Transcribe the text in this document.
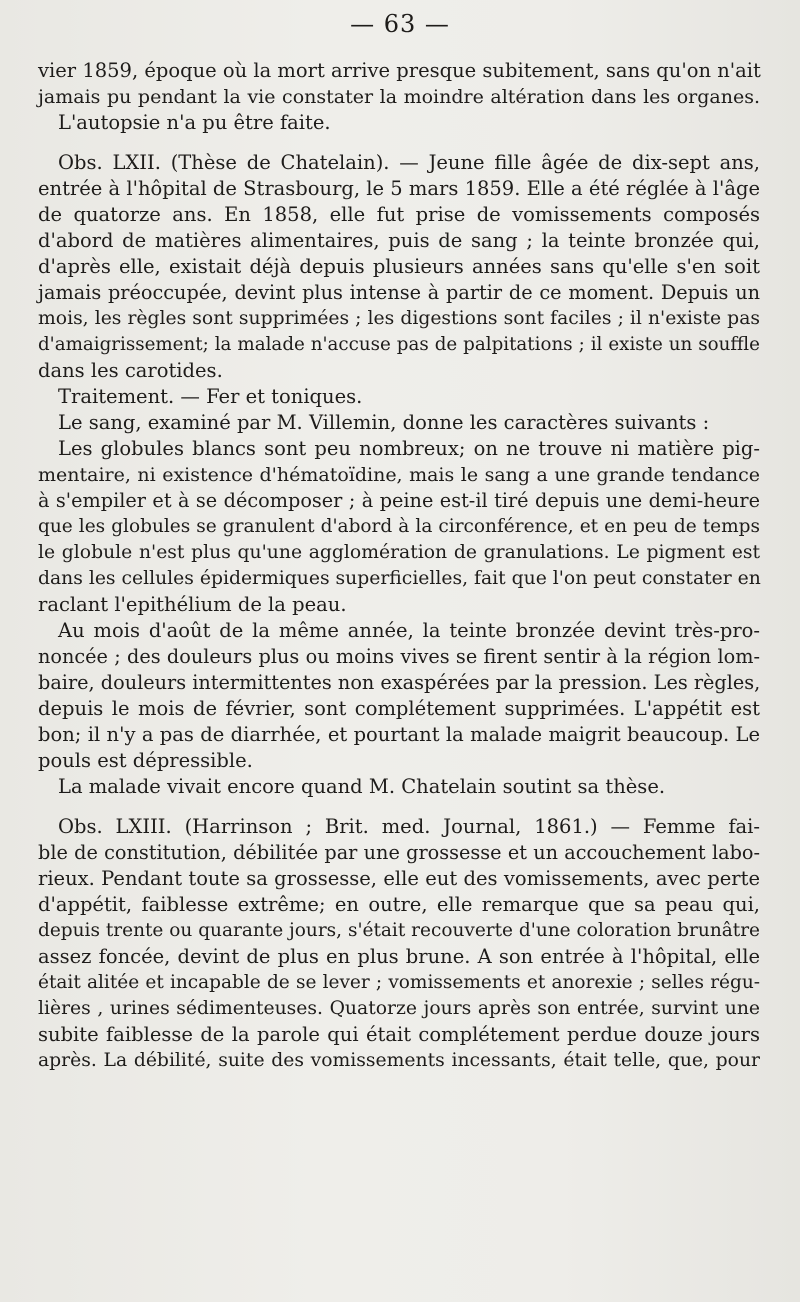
— 63 —
vier 1859, époque où la mort arrive presque subitement, sans qu'on n'ait
jamais pu pendant la vie constater la moindre altération dans les organes.
L'autopsie n'a pu être faite.
Obs. LXII. (Thèse de Chatelain). — Jeune fille âgée de dix-sept ans,
entrée à l'hôpital de Strasbourg, le 5 mars 1859. Elle a été réglée à l'âge
de quatorze ans. En 1858, elle fut prise de vomissements composés
d'abord de matières alimentaires, puis de sang ; la teinte bronzée qui,
d'après elle, existait déjà depuis plusieurs années sans qu'elle s'en soit
jamais préoccupée, devint plus intense à partir de ce moment. Depuis un
mois, les règles sont supprimées ; les digestions sont faciles ; il n'existe pas
d'amaigrissement; la malade n'accuse pas de palpitations ; il existe un souffle
dans les carotides.
Traitement. — Fer et toniques.
Le sang, examiné par M. Villemin, donne les caractères suivants :
Les globules blancs sont peu nombreux; on ne trouve ni matière pig-
mentaire, ni existence d'hématoïdine, mais le sang a une grande tendance
à s'empiler et à se décomposer ; à peine est-il tiré depuis une demi-heure
que les globules se granulent d'abord à la circonférence, et en peu de temps
le globule n'est plus qu'une agglomération de granulations. Le pigment est
dans les cellules épidermiques superficielles, fait que l'on peut constater en
raclant l'epithélium de la peau.
Au mois d'août de la même année, la teinte bronzée devint très-pro-
noncée ; des douleurs plus ou moins vives se firent sentir à la région lom-
baire, douleurs intermittentes non exaspérées par la pression. Les règles,
depuis le mois de février, sont complétement supprimées. L'appétit est
bon; il n'y a pas de diarrhée, et pourtant la malade maigrit beaucoup. Le
pouls est dépressible.
La malade vivait encore quand M. Chatelain soutint sa thèse.
Obs. LXIII. (Harrinson ; Brit. med. Journal, 1861.) — Femme fai-
ble de constitution, débilitée par une grossesse et un accouchement labo-
rieux. Pendant toute sa grossesse, elle eut des vomissements, avec perte
d'appétit, faiblesse extrême; en outre, elle remarque que sa peau qui,
depuis trente ou quarante jours, s'était recouverte d'une coloration brunâtre
assez foncée, devint de plus en plus brune. A son entrée à l'hôpital, elle
était alitée et incapable de se lever ; vomissements et anorexie ; selles régu-
lières , urines sédimenteuses. Quatorze jours après son entrée, survint une
subite faiblesse de la parole qui était complétement perdue douze jours
après. La débilité, suite des vomissements incessants, était telle, que, pour
